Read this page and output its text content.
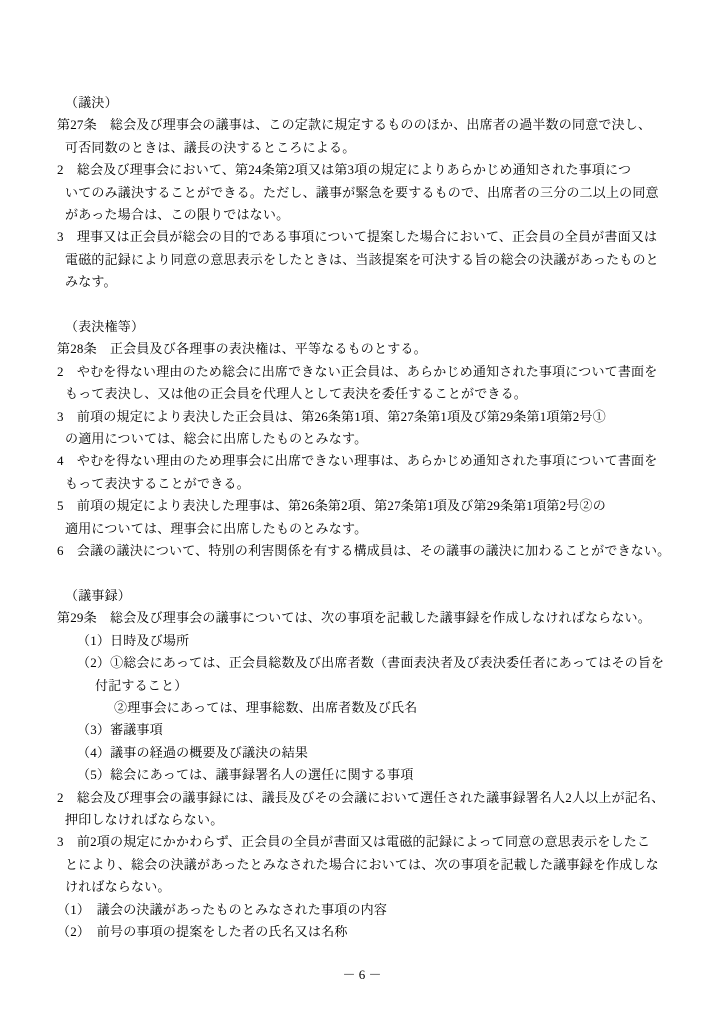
（議決）
第27条　総会及び理事会の議事は、この定款に規定するもののほか、出席者の過半数の同意で決し、
可否同数のときは、議長の決するところによる。
2　総会及び理事会において、第24条第2項又は第3項の規定によりあらかじめ通知された事項につ
いてのみ議決することができる。ただし、議事が緊急を要するもので、出席者の三分の二以上の同意
があった場合は、この限りではない。
3　理事又は正会員が総会の目的である事項について提案した場合において、正会員の全員が書面又は
電磁的記録により同意の意思表示をしたときは、当該提案を可決する旨の総会の決議があったものと
みなす。
（表決権等）
第28条　正会員及び各理事の表決権は、平等なるものとする。
2　やむを得ない理由のため総会に出席できない正会員は、あらかじめ通知された事項について書面を
もって表決し、又は他の正会員を代理人として表決を委任することができる。
3　前項の規定により表決した正会員は、第26条第1項、第27条第1項及び第29条第1項第2号①
の適用については、総会に出席したものとみなす。
4　やむを得ない理由のため理事会に出席できない理事は、あらかじめ通知された事項について書面を
もって表決することができる。
5　前項の規定により表決した理事は、第26条第2項、第27条第1項及び第29条第1項第2号②の
適用については、理事会に出席したものとみなす。
6　会議の議決について、特別の利害関係を有する構成員は、その議事の議決に加わることができない。
（議事録）
第29条　総会及び理事会の議事については、次の事項を記載した議事録を作成しなければならない。
（1）日時及び場所
（2）①総会にあっては、正会員総数及び出席者数（書面表決者及び表決委任者にあってはその旨を
付記すること）
②理事会にあっては、理事総数、出席者数及び氏名
（3）審議事項
（4）議事の経過の概要及び議決の結果
（5）総会にあっては、議事録署名人の選任に関する事項
2　総会及び理事会の議事録には、議長及びその会議において選任された議事録署名人2人以上が記名、
押印しなければならない。
3　前2項の規定にかかわらず、正会員の全員が書面又は電磁的記録によって同意の意思表示をしたこ
とにより、総会の決議があったとみなされた場合においては、次の事項を記載した議事録を作成しな
ければならない。
（1）　議会の決議があったものとみなされた事項の内容
（2）　前号の事項の提案をした者の氏名又は名称
－ 6 －
